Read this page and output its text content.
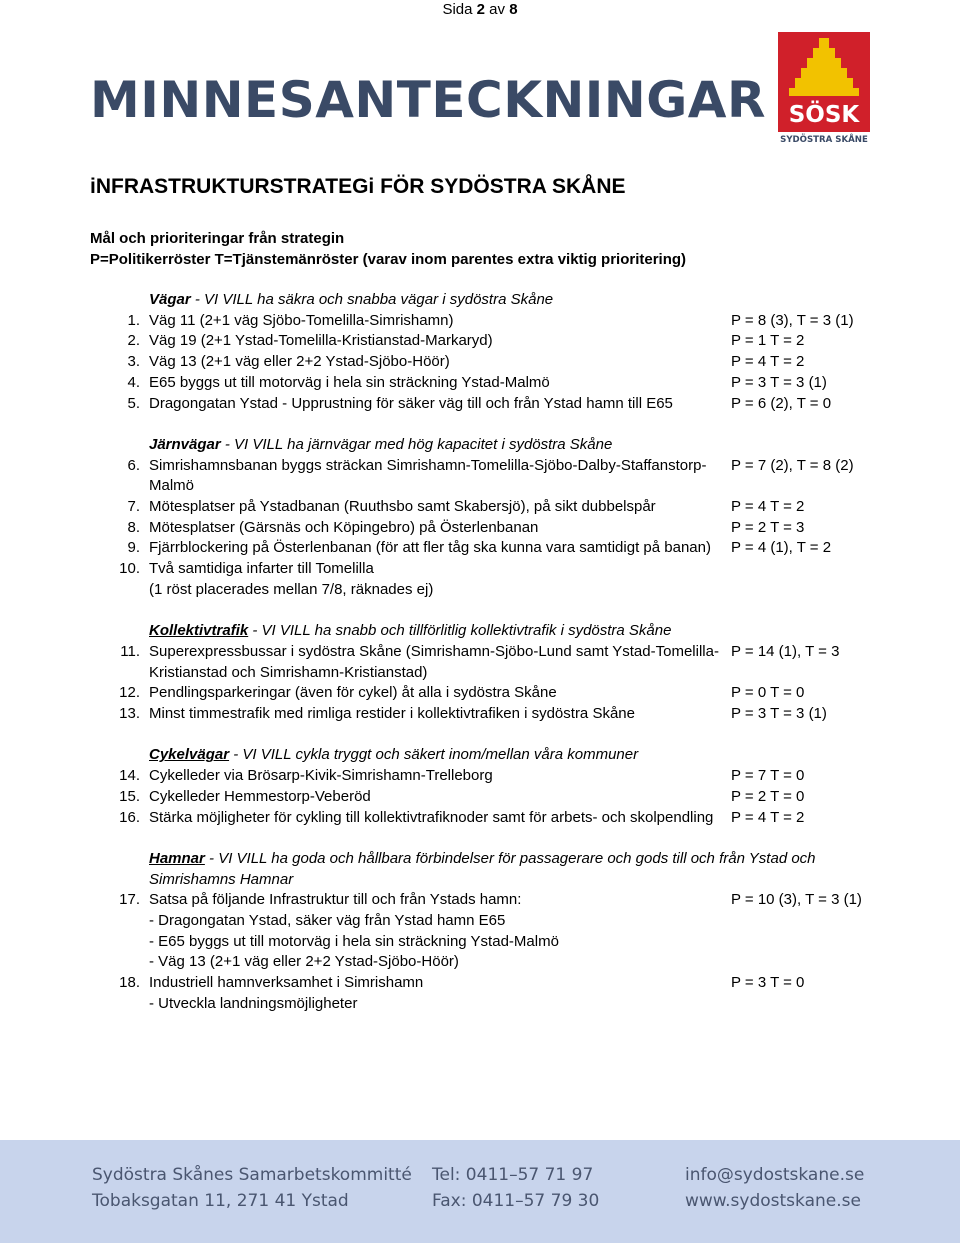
Sida 2 av 8
MINNESANTECKNINGAR SÖSK
SYDÖSTRA SKÅNE
iNFRASTRUKTURSTRATEGi FÖR SYDÖSTRA SKÅNE
Mål och prioriteringar från strategin
P=Politikerröster T=Tjänstemänröster (varav inom parentes extra viktig prioritering)
Vägar - VI VILL ha säkra och snabba vägar i sydöstra Skåne
1. Väg 11 (2+1 väg Sjöbo-Tomelilla-Simrishamn)	P = 8 (3), T = 3 (1)
2. Väg 19 (2+1 Ystad-Tomelilla-Kristianstad-Markaryd)	P = 1 T = 2
3. Väg 13 (2+1 väg eller 2+2 Ystad-Sjöbo-Höör)	P = 4 T = 2
4. E65 byggs ut till motorväg i hela sin sträckning Ystad-Malmö	P = 3 T = 3 (1)
5. Dragongatan Ystad - Upprustning för säker väg till och från Ystad hamn till E65	P = 6 (2), T = 0
Järnvägar - VI VILL ha järnvägar med hög kapacitet i sydöstra Skåne
6. Simrishamnsbanan byggs sträckan Simrishamn-Tomelilla-Sjöbo-Dalby-Staffanstorp-Malmö
P = 7 (2), T = 8 (2)
7. Mötesplatser på Ystadbanan (Ruuthsbo samt Skabersjö), på sikt dubbelspår	P = 4 T = 2
8. Mötesplatser (Gärsnäs och Köpingebro) på Österlenbanan	P = 2 T = 3
9. Fjärrblockering på Österlenbanan (för att fler tåg ska kunna vara samtidigt på banan)	P = 4 (1), T = 2
10. Två samtidiga infarter till Tomelilla
(1 röst placerades mellan 7/8, räknades ej)
Kollektivtrafik - VI VILL ha snabb och tillförlitlig kollektivtrafik i sydöstra Skåne
11. Superexpressbussar i sydöstra Skåne (Simrishamn-Sjöbo-Lund samt Ystad-Tomelilla-Kristianstad och Simrishamn-Kristianstad)
P = 14 (1), T = 3
12. Pendlingsparkeringar (även för cykel) åt alla i sydöstra Skåne	P = 0 T = 0
13. Minst timmestrafik med rimliga restider i kollektivtrafiken i sydöstra Skåne	P = 3 T = 3 (1)
Cykelvägar - VI VILL cykla tryggt och säkert inom/mellan våra kommuner
14. Cykelleder via Brösarp-Kivik-Simrishamn-Trelleborg	P = 7 T = 0
15. Cykelleder Hemmestorp-Veberöd	P = 2 T = 0
16. Stärka möjligheter för cykling till kollektivtrafiknoder samt för arbets- och skolpendling	P = 4 T = 2
Hamnar - VI VILL ha goda och hållbara förbindelser för passagerare och gods till och från Ystad och
Simrishamns Hamnar
17. Satsa på följande Infrastruktur till och från Ystads hamn:	P = 10 (3), T = 3 (1)
- Dragongatan Ystad, säker väg från Ystad hamn E65
- E65 byggs ut till motorväg i hela sin sträckning Ystad-Malmö
- Väg 13 (2+1 väg eller 2+2 Ystad-Sjöbo-Höör)
18. Industriell hamnverksamhet i Simrishamn	P = 3 T = 0
- Utveckla landningsmöjligheter
Sydöstra Skånes Samarbetskommitté
Tobaksgatan 11, 271 41 Ystad
Tel: 0411–57 71 97
Fax: 0411–57 79 30
info@sydostskane.se
www.sydostskane.se
